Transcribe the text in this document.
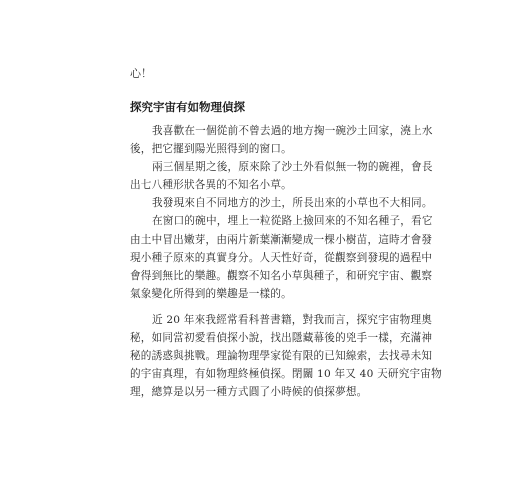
心！

探究宇宙有如物理偵探

我喜歡在一個從前不曾去過的地方掬一碗沙土回家，澆上水
後，把它擺到陽光照得到的窗口。

兩三個星期之後，原來除了沙土外看似無一物的碗裡，會長
出七八種形狀各異的不知名小草。

我發現來自不同地方的沙土，所長出來的小草也不大相同。

在窗口的碗中，埋上一粒從路上撿回來的不知名種子，看它
由土中冒出嫩芽，由兩片新葉漸漸變成一棵小樹苗，這時才會發
現小種子原來的真實身分。人天性好奇，從觀察到發現的過程中
會得到無比的樂趣。觀察不知名小草與種子，和研究宇宙、觀察
氣象變化所得到的樂趣是一樣的。

近 20 年來我經常看科普書籍，對我而言，探究宇宙物理奧
秘，如同當初愛看偵探小說，找出隱藏幕後的兇手一樣，充滿神
秘的誘惑與挑戰。理論物理學家從有限的已知線索，去找尋未知
的宇宙真理，有如物理終極偵探。閉關 10 年又 40 天研究宇宙物
理，總算是以另一種方式圓了小時候的偵探夢想。
